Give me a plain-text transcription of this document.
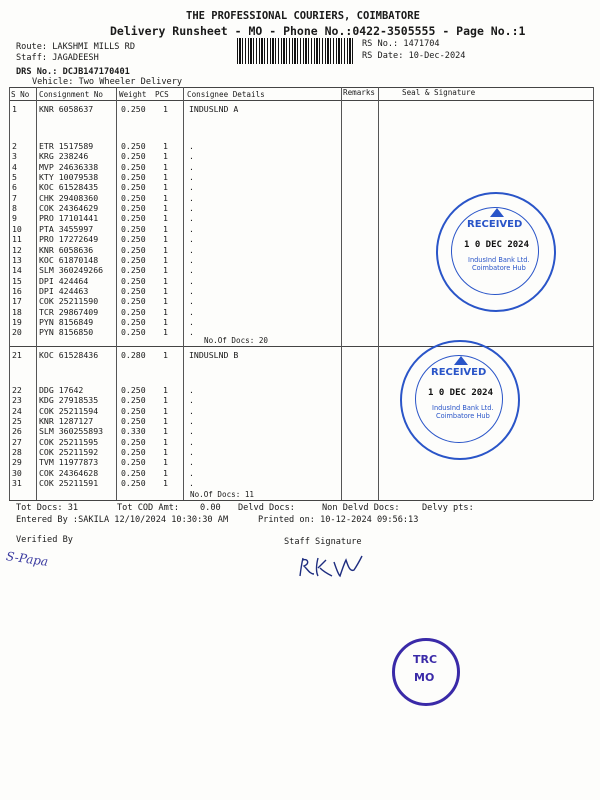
THE PROFESSIONAL COURIERS, COIMBATORE
Delivery Runsheet - MO - Phone No.:0422-3505555 - Page No.:1
Route: LAKSHMI MILLS RD
Staff: JAGADEESH
RS No.: 1471704
RS Date: 10-Dec-2024
DRS No.: DCJB147170401
Vehicle: Two Wheeler Delivery
S No Consignment No Weight PCS Consignee Details	Remarks	Seal & Signature
1	KNR 6058637	0.250 1	INDUSLND A
2	ETR 1517589	0.250 1	.
3	KRG 238246	0.250 1	.
4	MVP 24636338	0.250 1	.
5	KTY 10079538	0.250 1	.
6	KOC 61528435	0.250 1	.
7	CHK 29408360	0.250 1	.
8	COK 24364629	0.250 1	.
9	PRO 17101441	0.250 1	.
10 PTA 3455997	0.250 1	.
11 PRO 17272649	0.250 1	.
12 KNR 6058636	0.250 1	.
13 KOC 61870148	0.250 1	.
14 SLM 360249266 0.250 1	.
15 DPI 424464	0.250 1	.
16 DPI 424463	0.250 1	.
17 COK 25211590	0.250 1	.
18 TCR 29867409	0.250 1	.
19 PYN 8156849	0.250 1	.
20 PYN 8156850	0.250 1	.
No.Of Docs: 20
21 KOC 61528436	0.280 1	INDUSLND B
22 DDG 17642	0.250 1	.
23 KDG 27918535	0.250 1	.
24 COK 25211594	0.250 1	.
25 KNR 1287127	0.250 1	.
26 SLM 360255893 0.330 1	.
27 COK 25211595	0.250 1	.
28 COK 25211592	0.250 1	.
29 TVM 11977873	0.250 1	.
30 COK 24364628	0.250 1	.
31 COK 25211591	0.250 1	.
No.Of Docs: 11
Tot Docs: 31	Tot COD Amt: 0.00 Delvd Docs:	Non Delvd Docs:	Delvy pts:
Entered By :SAKILA 12/10/2024 10:30:30 AM	Printed on: 10-12-2024 09:56:13
Verified By	Staff Signature
S-Papa
RECEIVED
1 0 DEC 2024
IndusInd Bank Ltd.
Coimbatore Hub
RECEIVED
1 0 DEC 2024
IndusInd Bank Ltd.
Coimbatore Hub
TRC
MO
